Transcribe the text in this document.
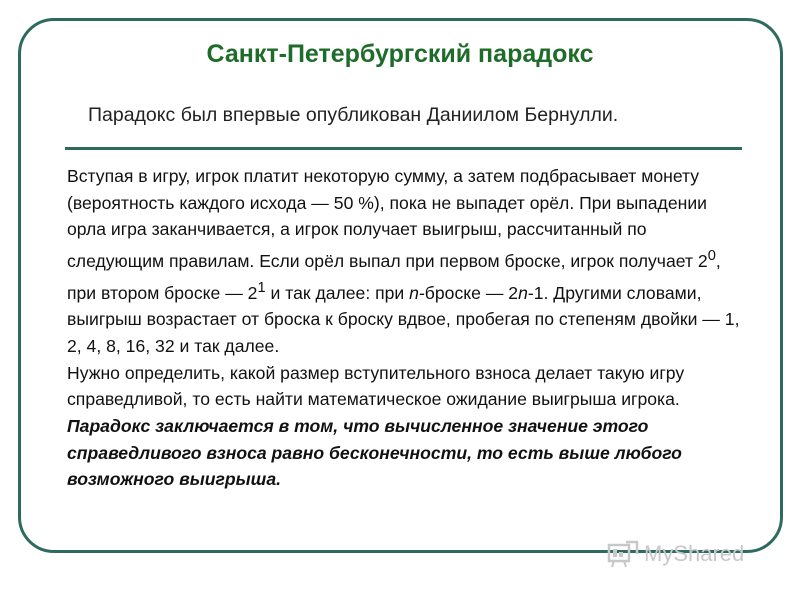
Санкт-Петербургский парадокс
Парадокс был впервые опубликован Даниилом Бернулли.

Вступая в игру, игрок платит некоторую сумму, а затем подбрасывает монету (вероятность каждого исхода — 50 %), пока не выпадет орёл. При выпадении орла игра заканчивается, а игрок получает выигрыш, рассчитанный по следующим правилам. Если орёл выпал при первом броске, игрок получает $2^0$, при втором броске — $2^1$ и так далее: при n-броске — 2n-1. Другими словами, выигрыш возрастает от броска к броску вдвое, пробегая по степеням двойки — 1, 2, 4, 8, 16, 32 и так далее.

Нужно определить, какой размер вступительного взноса делает такую игру справедливой, то есть найти математическое ожидание выигрыша игрока. Парадокс заключается в том, что вычисленное значение этого справедливого взноса равно бесконечности, то есть выше любого возможного выигрыша.

MyShared
